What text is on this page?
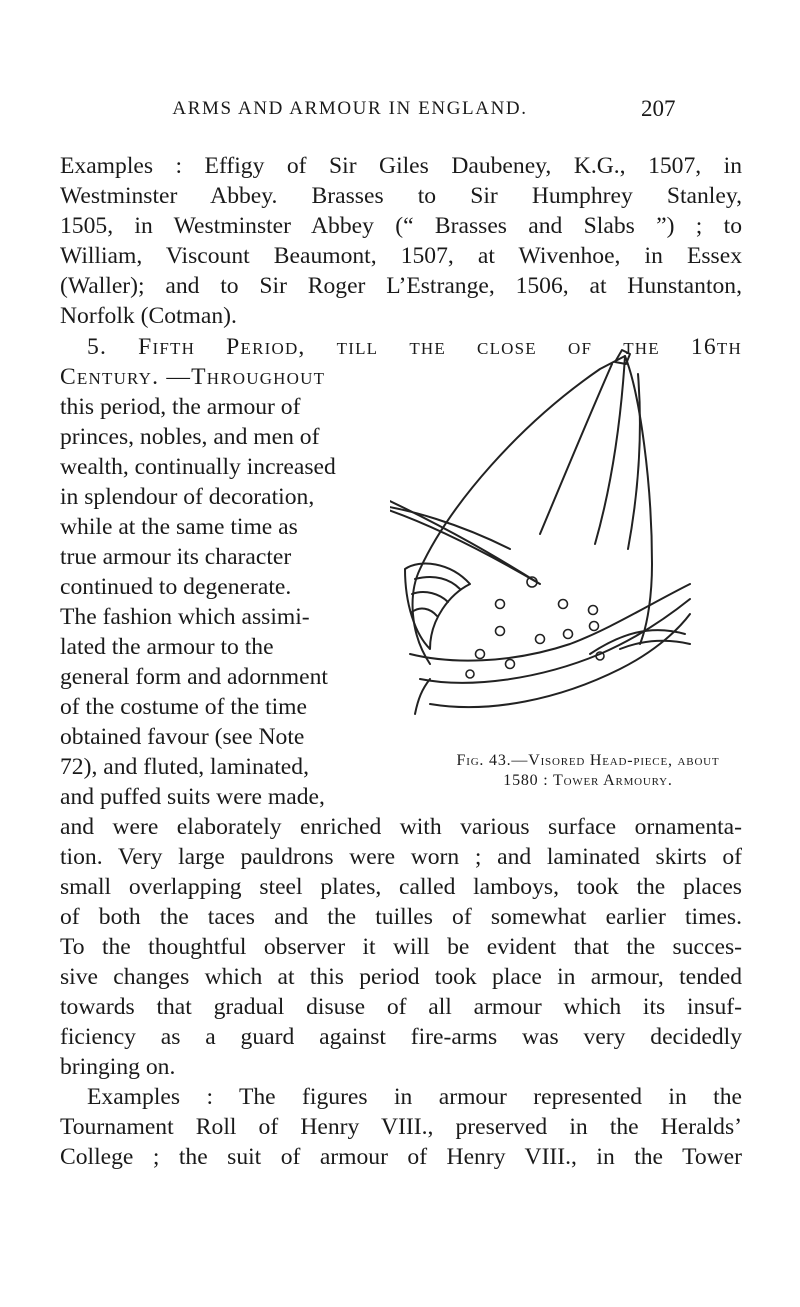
ARMS AND ARMOUR IN ENGLAND.	207
Examples : Effigy of Sir Giles Daubeney, K.G., 1507, in
Westminster Abbey. Brasses to Sir Humphrey Stanley,
1505, in Westminster Abbey (“ Brasses and Slabs ”) ; to
William, Viscount Beaumont, 1507, at Wivenhoe, in Essex
(Waller); and to Sir Roger L’Estrange, 1506, at Hunstanton,
Norfolk (Cotman).
5. Fifth Period, till the close of the 16th
Century. —Throughout
this period, the armour of
princes, nobles, and men of
wealth, continually increased
in splendour of decoration,
while at the same time as
true armour its character
continued to degenerate.
The fashion which assimi-
lated the armour to the
general form and adornment
of the costume of the time
obtained favour (see Note
72), and fluted, laminated,
and puffed suits were made,
and were elaborately enriched with various surface ornamenta-
tion. Very large pauldrons were worn ; and laminated skirts of
small overlapping steel plates, called lamboys, took the places
of both the taces and the tuilles of somewhat earlier times.
To the thoughtful observer it will be evident that the succes-
sive changes which at this period took place in armour, tended
towards that gradual disuse of all armour which its insuf-
ficiency as a guard against fire-arms was very decidedly
bringing on.
Examples : The figures in armour represented in the
Tournament Roll of Henry VIII., preserved in the Heralds’
College ; the suit of armour of Henry VIII., in the Tower
Fig. 43.—Visored Head-piece, about
1580 : Tower Armoury.
